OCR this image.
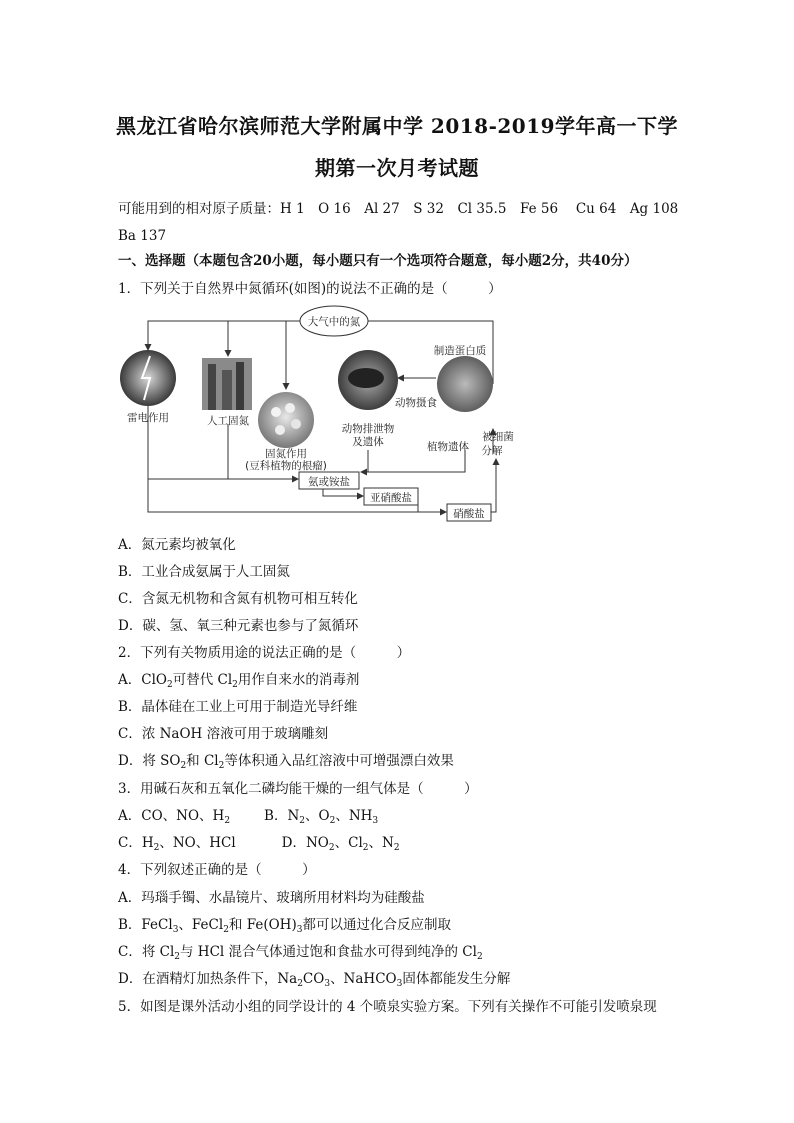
黑龙江省哈尔滨师范大学附属中学 2018-2019学年高一下学
期第一次月考试题
可能用到的相对原子质量：H 1　O 16　Al 27　S 32　Cl 35.5　Fe 56　 Cu 64　Ag 108
Ba 137
一、选择题（本题包含20小题，每小题只有一个选项符合题意，每小题2分，共40分）
1．下列关于自然界中氮循环(如图)的说法不正确的是（　　　）
大气中的氮
雷电作用	人工固氮
固氮作用
(豆科植物的根瘤)
动物排泄物
及遗体
制造蛋白质
动物摄食
植物遗体
被细菌
分解
氨或铵盐
亚硝酸盐
硝酸盐
A．氮元素均被氧化
B．工业合成氨属于人工固氮
C．含氮无机物和含氮有机物可相互转化
D．碳、氢、氧三种元素也参与了氮循环
2．下列有关物质用途的说法正确的是（　　　）
A．ClO$_2$可替代 $Cl_2$用作自来水的消毒剂
B．晶体硅在工业上可用于制造光导纤维
C．浓 NaOH 溶液可用于玻璃雕刻
D．将 $SO_2$和 $Cl_2$等体积通入品红溶液中可增强漂白效果
3．用碱石灰和五氧化二磷均能干燥的一组气体是（　　　）
A．CO、NO、$H_2$	B．$N_2$、$O_2$、$NH_3$
C．$H_2$、NO、HCl	D．$NO_2$、$Cl_2$、$N_2$
4．下列叙述正确的是（　　　）
A．玛瑙手镯、水晶镜片、玻璃所用材料均为硅酸盐
B．FeCl$_3$、FeCl$_2$和 $Fe(OH)_3$都可以通过化合反应制取
C．将 $Cl_2$与 HCl 混合气体通过饱和食盐水可得到纯净的 $Cl_2$
D．在酒精灯加热条件下，$Na_2CO_3$、NaHCO$_3$固体都能发生分解
5．如图是课外活动小组的同学设计的 4 个喷泉实验方案。下列有关操作不可能引发喷泉现
